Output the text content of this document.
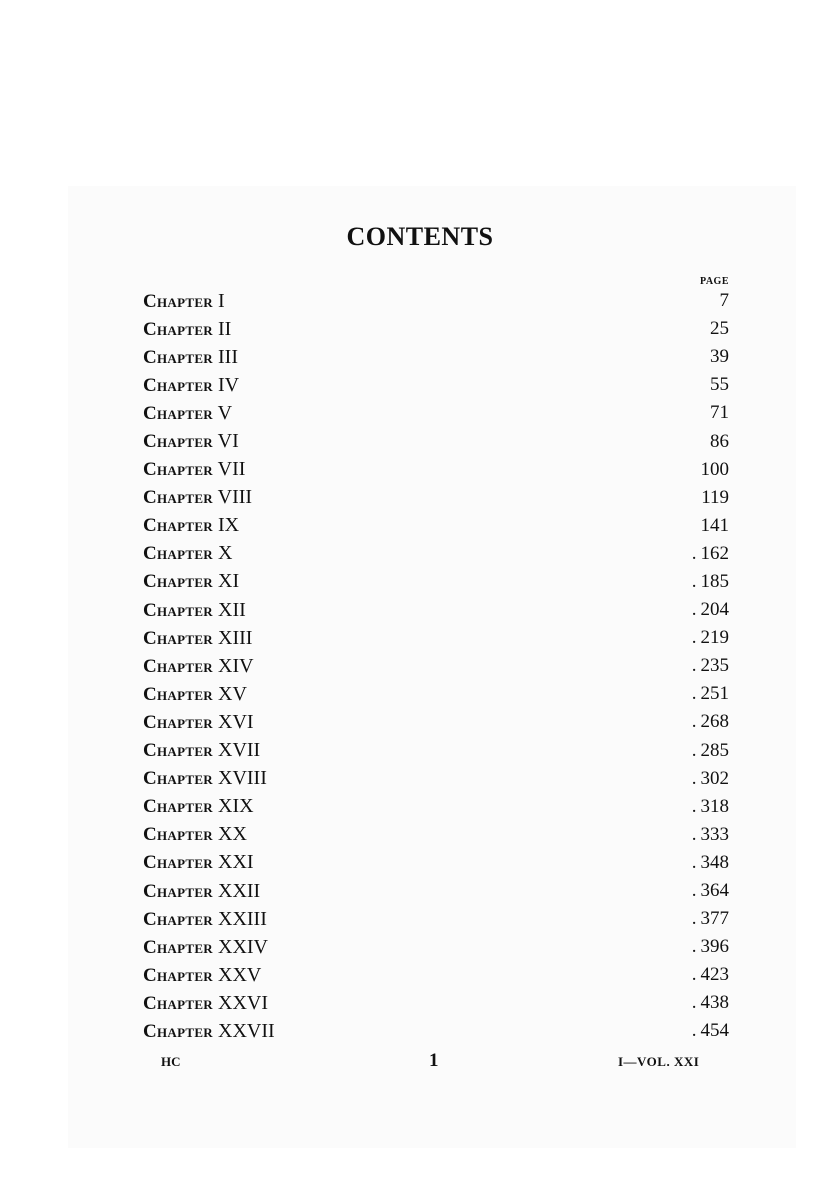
CONTENTS
PAGE
Chapter I	7
Chapter II	25
Chapter III	39
Chapter IV	55
Chapter V	71
Chapter VI	86
Chapter VII	100
Chapter VIII	119
Chapter IX	141
Chapter X	. 162
Chapter XI	. 185
Chapter XII	. 204
Chapter XIII	. 219
Chapter XIV	. 235
Chapter XV	. 251
Chapter XVI	. 268
Chapter XVII	. 285
Chapter XVIII	. 302
Chapter XIX	. 318
Chapter XX	. 333
Chapter XXI	. 348
Chapter XXII	. 364
Chapter XXIII	. 377
Chapter XXIV	. 396
Chapter XXV	. 423
Chapter XXVI	. 438
Chapter XXVII	. 454
HC	1	I—VOL. XXI
